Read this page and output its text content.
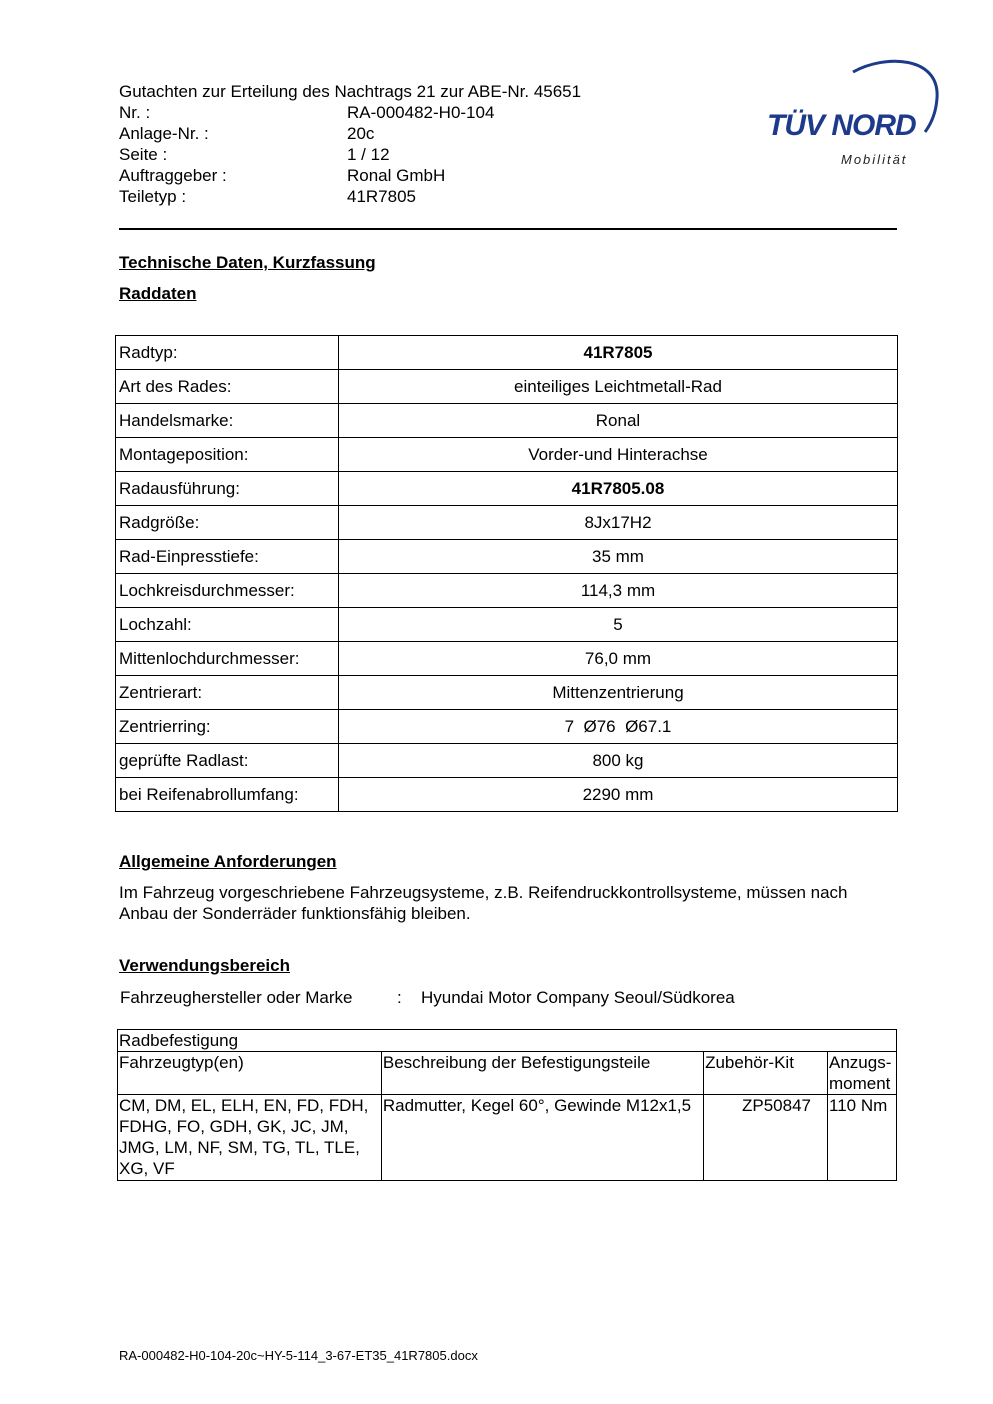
Gutachten zur Erteilung des Nachtrags 21 zur ABE-Nr. 45651
Nr. :	RA-000482-H0-104
Anlage-Nr. :	20c
Seite :	1 / 12
Auftraggeber :	Ronal GmbH
Teiletyp :	41R7805
TÜV NORD
Mobilität
Technische Daten, Kurzfassung
Raddaten
Radtyp:	41R7805
Art des Rades:	einteiliges Leichtmetall-Rad
Handelsmarke:	Ronal
Montageposition:	Vorder-und Hinterachse
Radausführung:	41R7805.08
Radgröße:	8Jx17H2
Rad-Einpresstiefe:	35 mm
Lochkreisdurchmesser:	114,3 mm
Lochzahl:	5
Mittenlochdurchmesser:	76,0 mm
Zentrierart:	Mittenzentrierung
Zentrierring:	7  Ø76  Ø67.1
geprüfte Radlast:	800 kg
bei Reifenabrollumfang:	2290 mm
Allgemeine Anforderungen
Im Fahrzeug vorgeschriebene Fahrzeugsysteme, z.B. Reifendruckkontrollsysteme, müssen nach Anbau der Sonderräder funktionsfähig bleiben.
Verwendungsbereich
Fahrzeughersteller oder Marke	:	Hyundai Motor Company Seoul/Südkorea
Radbefestigung			
Fahrzeugtyp(en)	Beschreibung der Befestigungsteile	Zubehör-Kit	Anzugs-moment

CM, DM, EL, ELH, EN, FD, FDH, FDHG, FO, GDH, GK, JC, JM, JMG, LM, NF, SM, TG, TL, TLE, XG, VF	Radmutter, Kegel 60°, Gewinde M12x1,5	ZP50847	110 Nm
RA-000482-H0-104-20c~HY-5-114_3-67-ET35_41R7805.docx
